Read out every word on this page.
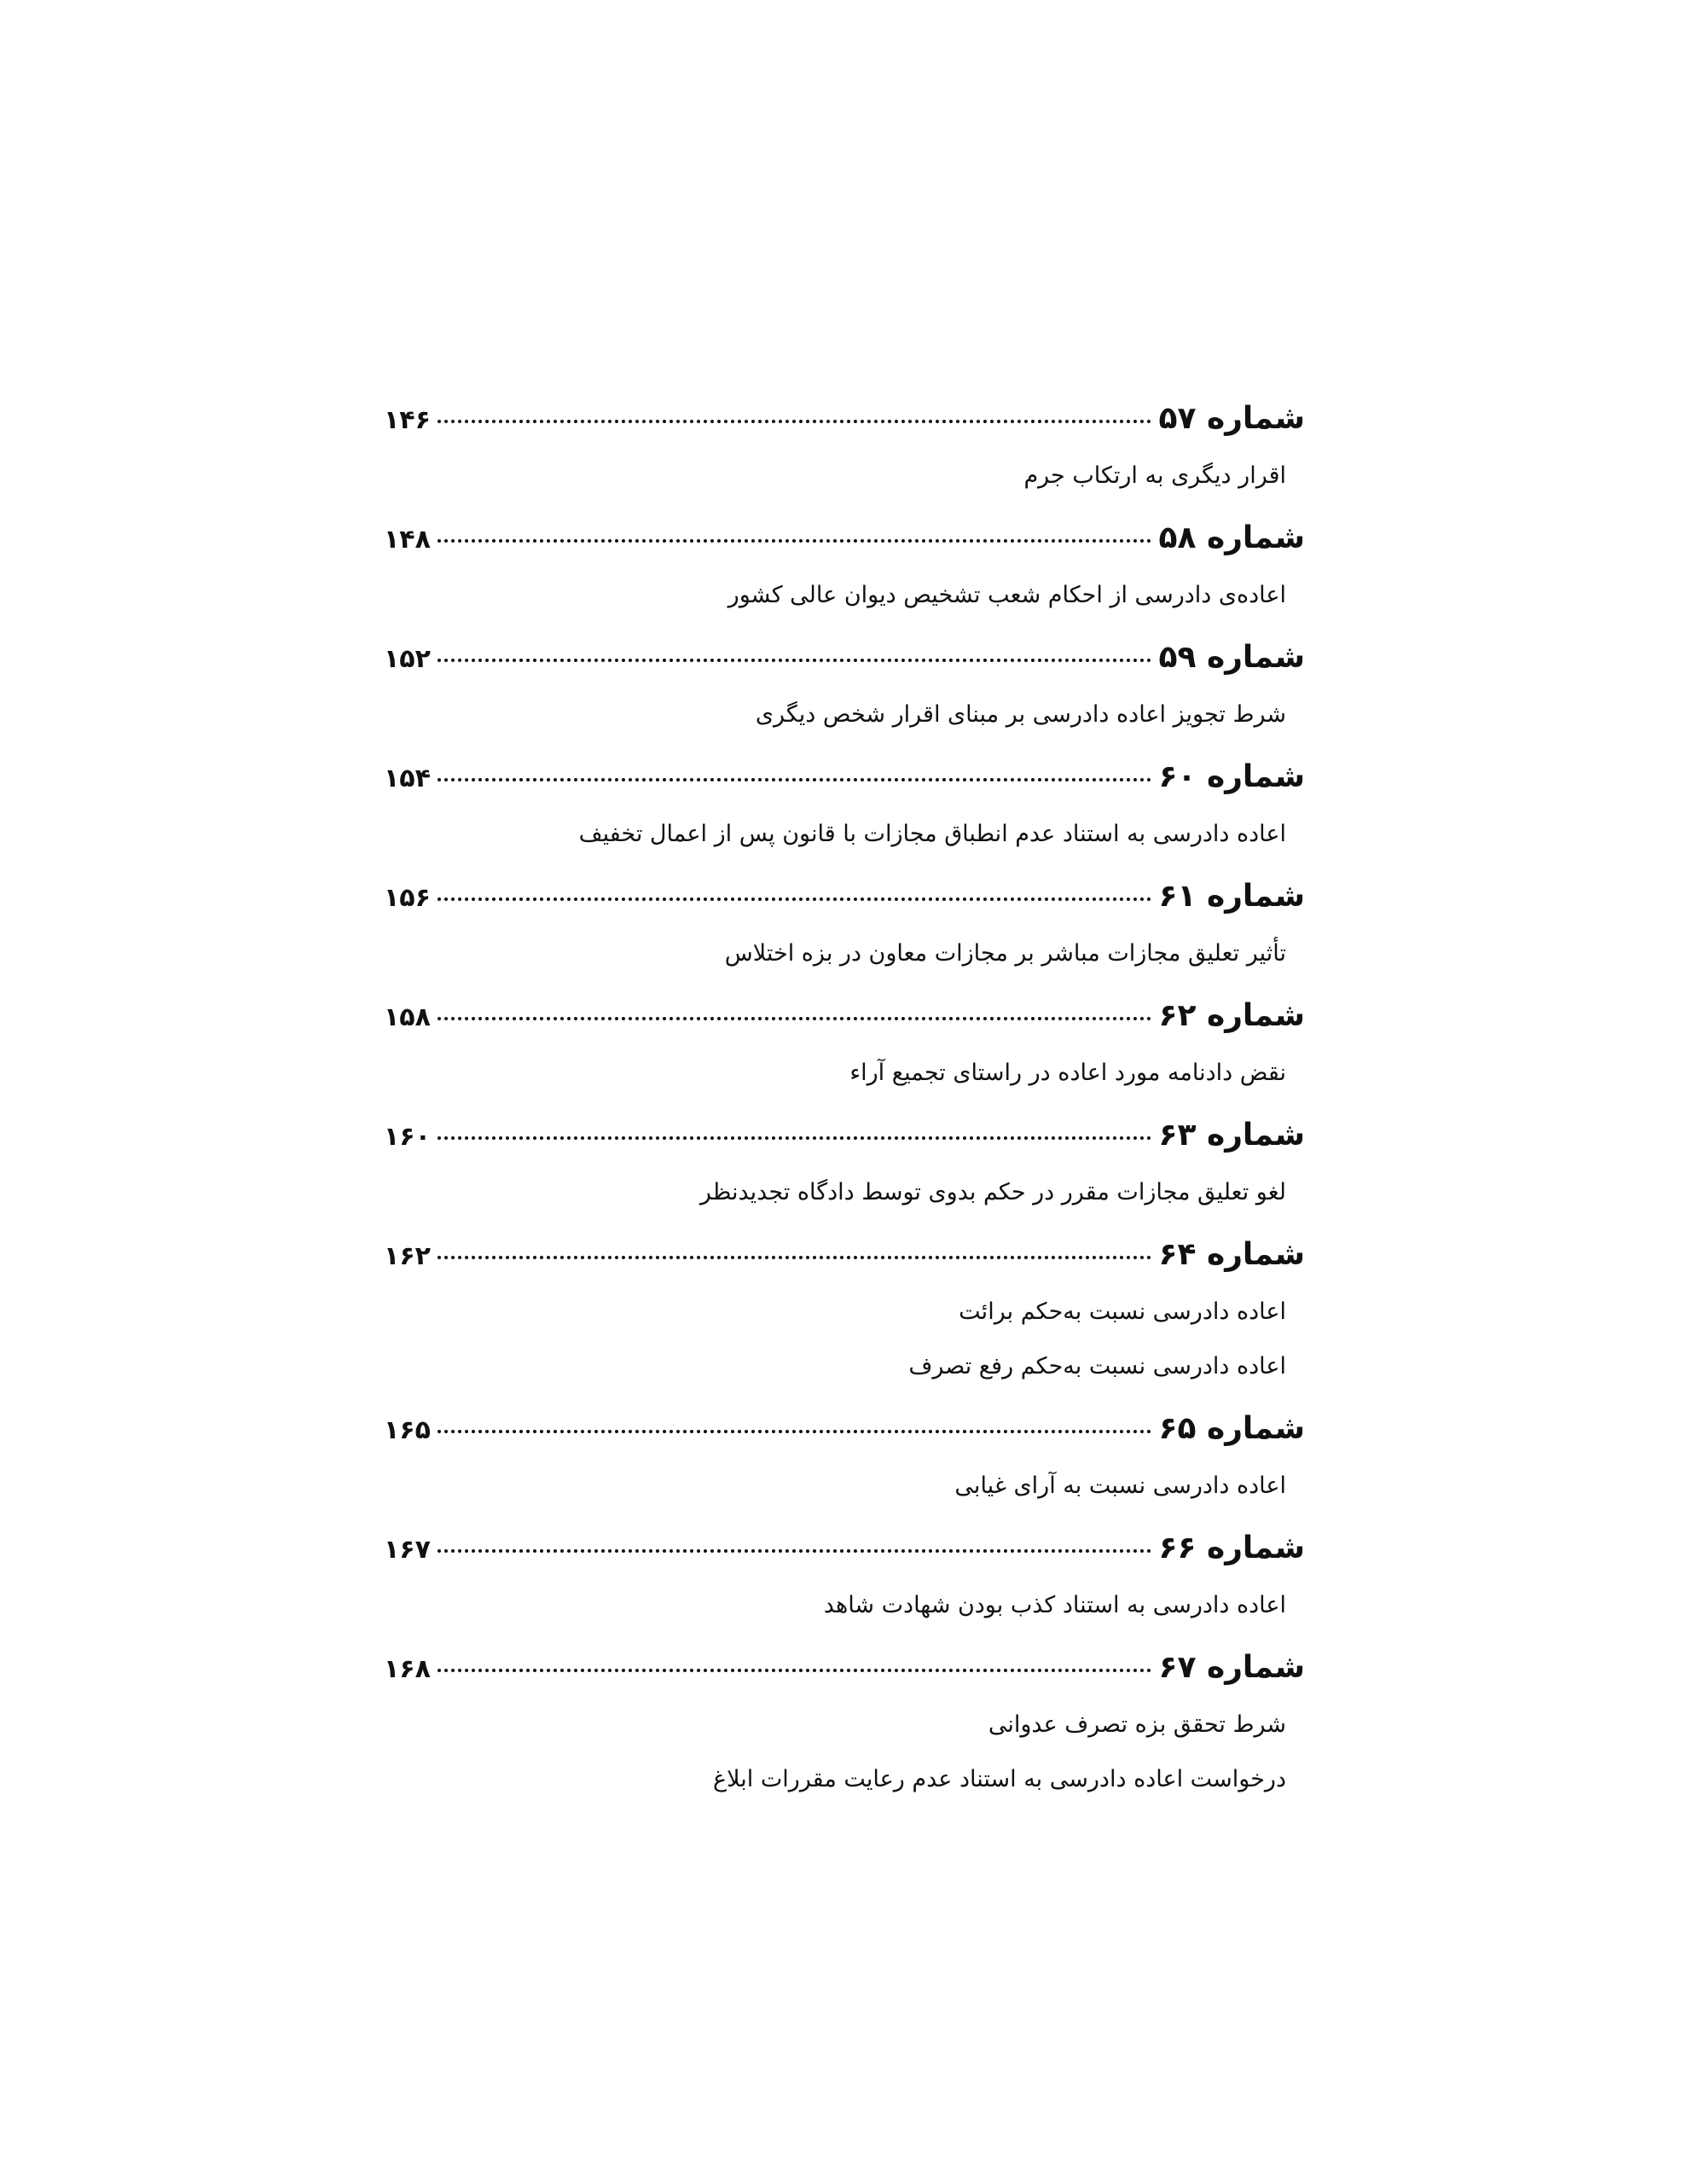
شماره ۵۷
۱۴۶
اقرار دیگری به ارتکاب جرم
شماره ۵۸
۱۴۸
اعاده‌ی دادرسی از احکام شعب تشخیص دیوان عالی کشور
شماره ۵۹
۱۵۲
شرط تجویز اعاده دادرسی بر مبنای اقرار شخص دیگری
شماره ۶۰
۱۵۴
اعاده دادرسی به استناد عدم انطباق مجازات با قانون پس از اعمال تخفیف
شماره ۶۱
۱۵۶
تأثیر تعلیق مجازات مباشر بر مجازات معاون در بزه اختلاس
شماره ۶۲
۱۵۸
نقض دادنامه مورد اعاده در راستای تجمیع آراء
شماره ۶۳
۱۶۰
لغو تعلیق مجازات مقرر در حکم بدوی توسط دادگاه تجدیدنظر
شماره ۶۴
۱۶۲
اعاده دادرسی نسبت به‌حکم برائت
اعاده دادرسی نسبت به‌حکم رفع تصرف
شماره ۶۵
۱۶۵
اعاده دادرسی نسبت به آرای غیابی
شماره ۶۶
۱۶۷
اعاده دادرسی به استناد کذب بودن شهادت شاهد
شماره ۶۷
۱۶۸
شرط تحقق بزه تصرف عدوانی
درخواست اعاده دادرسی به استناد عدم رعایت مقررات ابلاغ
